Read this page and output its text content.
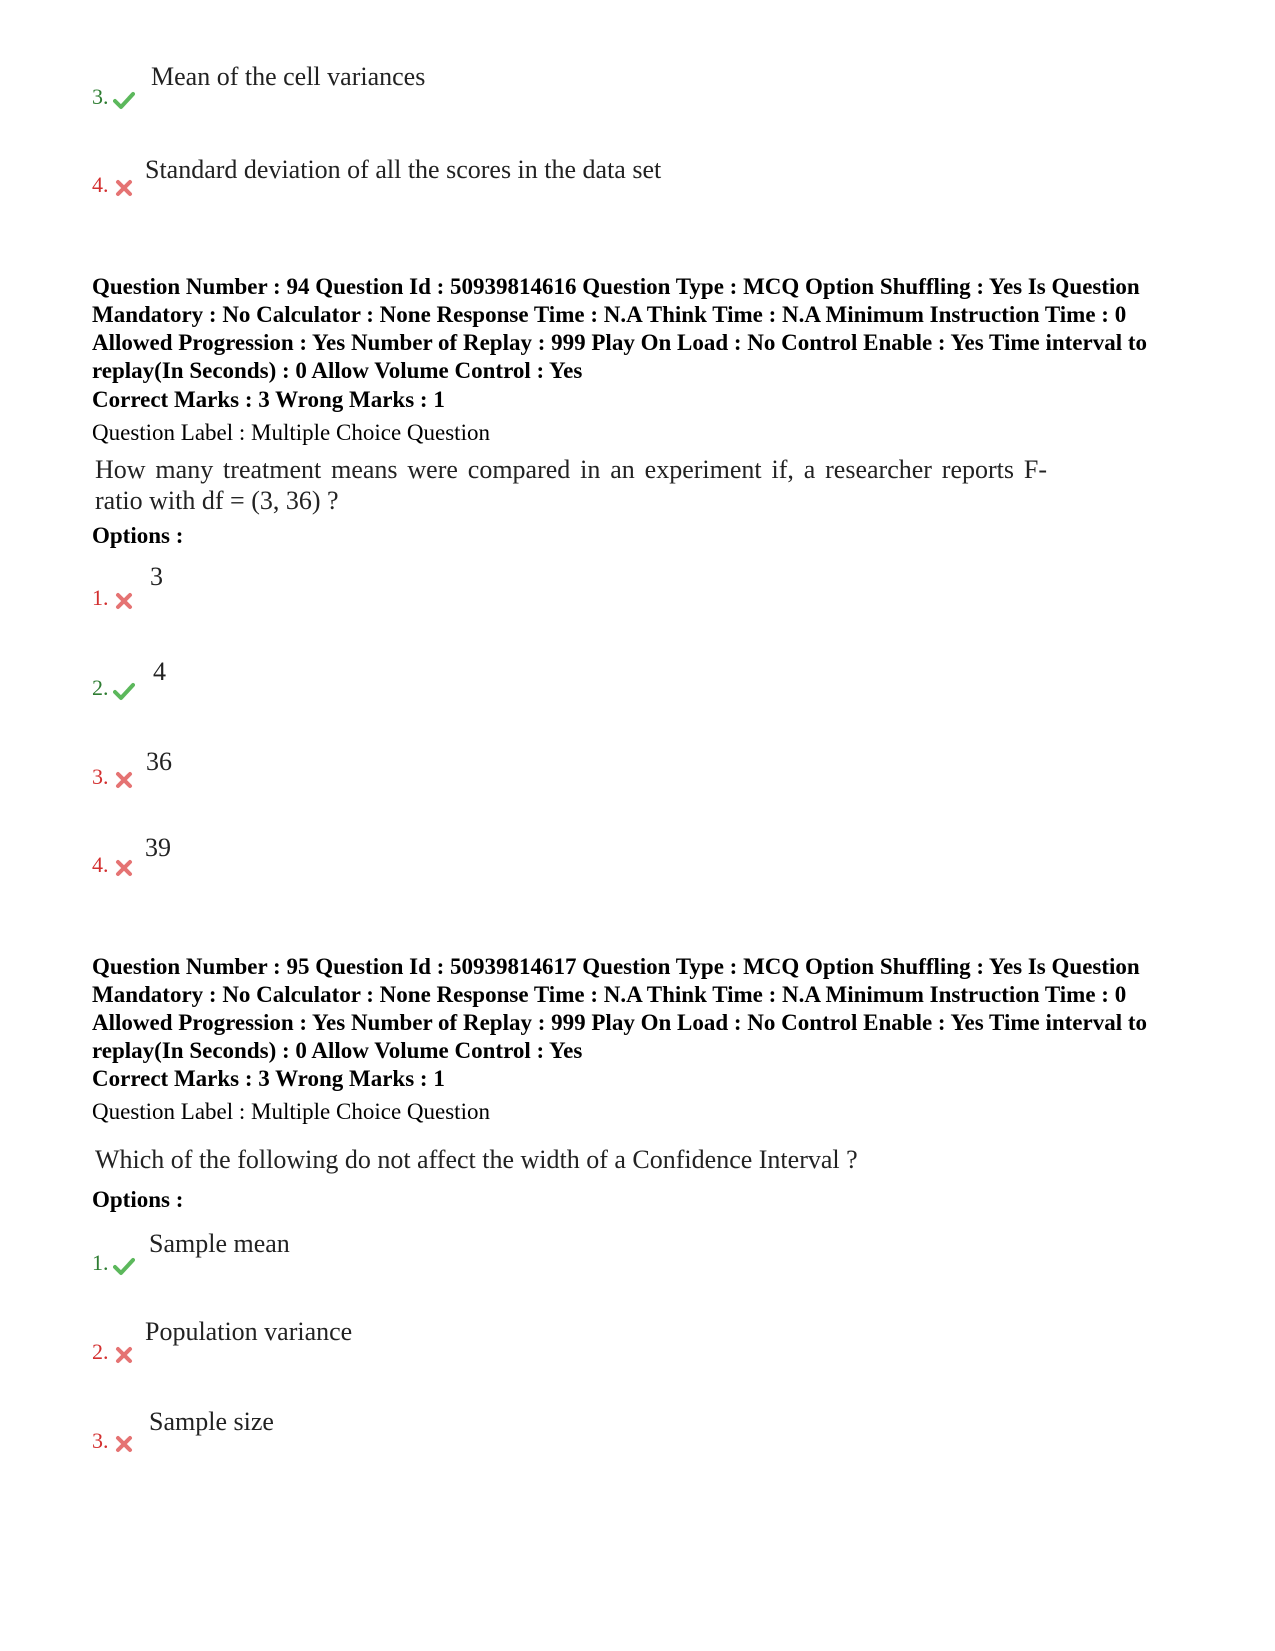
3.
Mean of the cell variances
4.
Standard deviation of all the scores in the data set
Question Number : 94 Question Id : 50939814616 Question Type : MCQ Option Shuffling : Yes Is Question Mandatory : No Calculator : None Response Time : N.A Think Time : N.A Minimum Instruction Time : 0 Allowed Progression : Yes Number of Replay : 999 Play On Load : No Control Enable : Yes Time interval to replay(In Seconds) : 0 Allow Volume Control : Yes
Correct Marks : 3 Wrong Marks : 1
Question Label : Multiple Choice Question
How many treatment means were compared in an experiment if, a researcher reports F-ratio with df = (3, 36) ?
Options :
1.
3
2.
4
3.
36
4.
39
Question Number : 95 Question Id : 50939814617 Question Type : MCQ Option Shuffling : Yes Is Question Mandatory : No Calculator : None Response Time : N.A Think Time : N.A Minimum Instruction Time : 0 Allowed Progression : Yes Number of Replay : 999 Play On Load : No Control Enable : Yes Time interval to replay(In Seconds) : 0 Allow Volume Control : Yes
Correct Marks : 3 Wrong Marks : 1
Question Label : Multiple Choice Question
Which of the following do not affect the width of a Confidence Interval ?
Options :
1.
Sample mean
2.
Population variance
3.
Sample size
